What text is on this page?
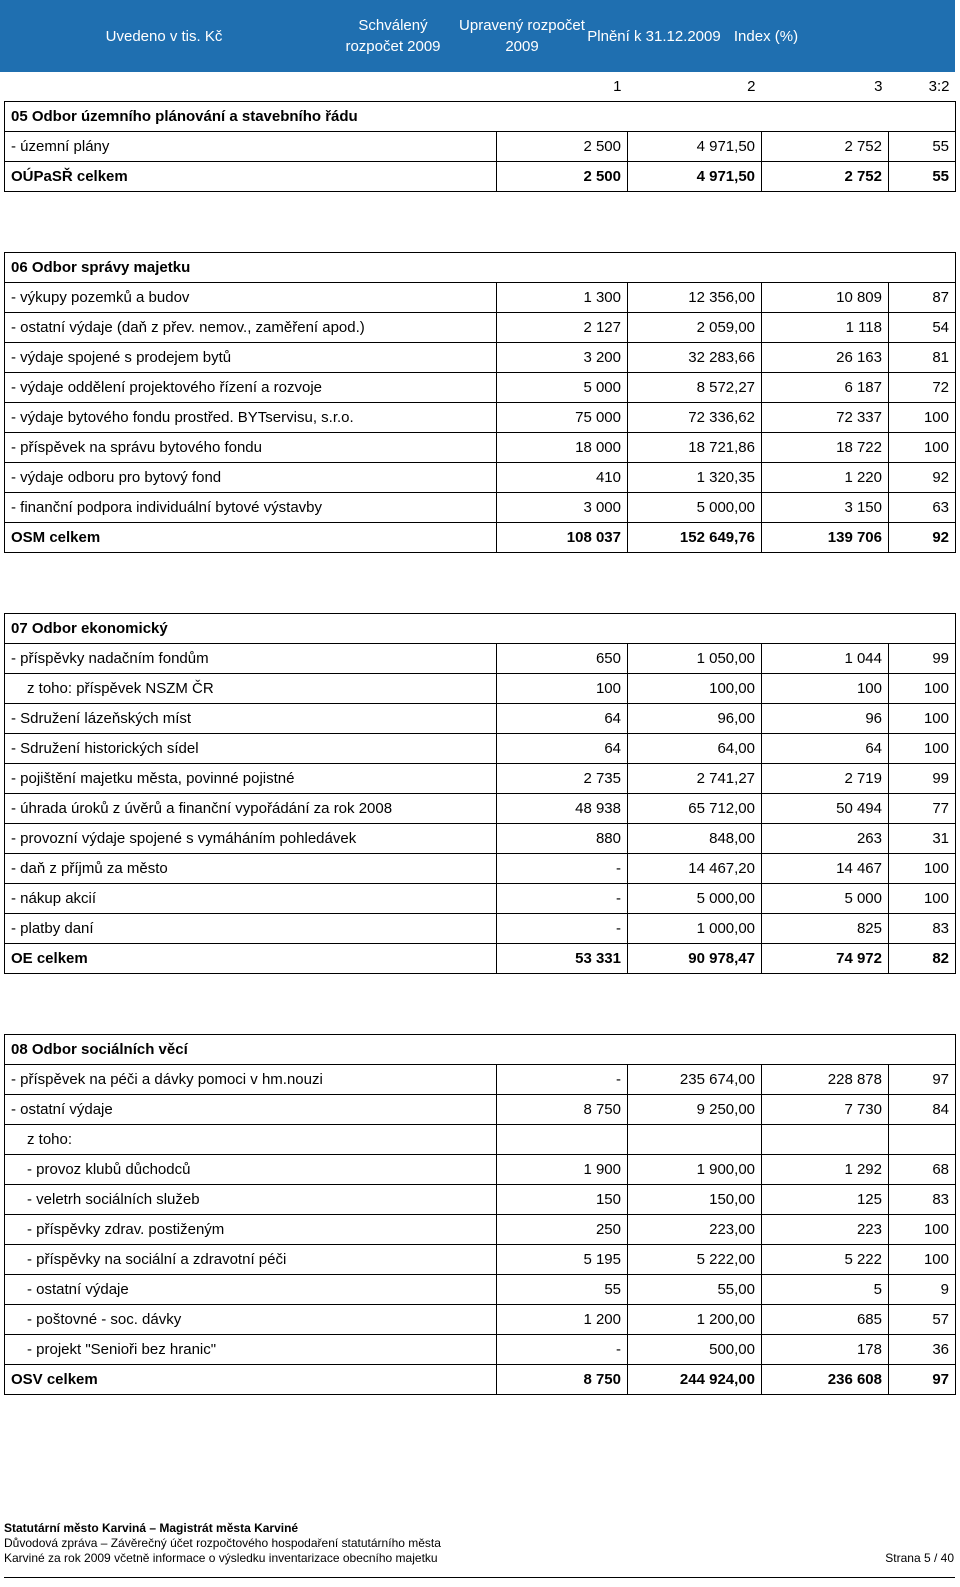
Uvedeno v tis. Kč
Schválený rozpočet 2009
Upravený rozpočet 2009
Plnění k 31.12.2009 Index (%)
	1	2	3	3:2
05 Odbor územního plánování a stavebního řádu				
- územní plány	2 500	4 971,50	2 752	55
OÚPaSŘ celkem	2 500	4 971,50	2 752	55

06 Odbor správy majetku				
- výkupy pozemků a budov	1 300	12 356,00	10 809	87
- ostatní výdaje (daň z přev. nemov., zaměření apod.)	2 127	2 059,00	1 118	54
- výdaje spojené s prodejem bytů	3 200	32 283,66	26 163	81
- výdaje oddělení projektového řízení a rozvoje	5 000	8 572,27	6 187	72
- výdaje bytového fondu prostřed. BYTservisu, s.r.o.	75 000	72 336,62	72 337	100
- příspěvek na správu bytového fondu	18 000	18 721,86	18 722	100
- výdaje odboru pro bytový fond	410	1 320,35	1 220	92
- finanční podpora individuální bytové výstavby	3 000	5 000,00	3 150	63
OSM celkem	108 037	152 649,76	139 706	92

07 Odbor ekonomický				
- příspěvky nadačním fondům	650	1 050,00	1 044	99
z toho: příspěvek NSZM ČR	100	100,00	100	100
- Sdružení lázeňských míst	64	96,00	96	100
- Sdružení historických sídel	64	64,00	64	100
- pojištění majetku města, povinné pojistné	2 735	2 741,27	2 719	99
- úhrada úroků z úvěrů a finanční vypořádání za rok 2008	48 938	65 712,00	50 494	77
- provozní výdaje spojené s vymáháním pohledávek	880	848,00	263	31
- daň z příjmů za město	-	14 467,20	14 467	100
- nákup akcií	-	5 000,00	5 000	100
- platby daní	-	1 000,00	825	83
OE celkem	53 331	90 978,47	74 972	82

08 Odbor sociálních věcí				
- příspěvek na péči a dávky pomoci v hm.nouzi	-	235 674,00	228 878	97
- ostatní výdaje	8 750	9 250,00	7 730	84
z toho:				
- provoz klubů důchodců	1 900	1 900,00	1 292	68
- veletrh sociálních služeb	150	150,00	125	83
- příspěvky zdrav. postiženým	250	223,00	223	100
- příspěvky na sociální a zdravotní péči	5 195	5 222,00	5 222	100
- ostatní výdaje	55	55,00	5	9
- poštovné - soc. dávky	1 200	1 200,00	685	57
- projekt "Senioři bez hranic"	-	500,00	178	36
OSV celkem	8 750	244 924,00	236 608	97
Statutární město Karviná – Magistrát města Karviné
Důvodová zpráva – Závěrečný účet rozpočtového hospodaření statutárního města
Karviné za rok 2009 včetně informace o výsledku inventarizace obecního majetku	Strana 5 / 40
